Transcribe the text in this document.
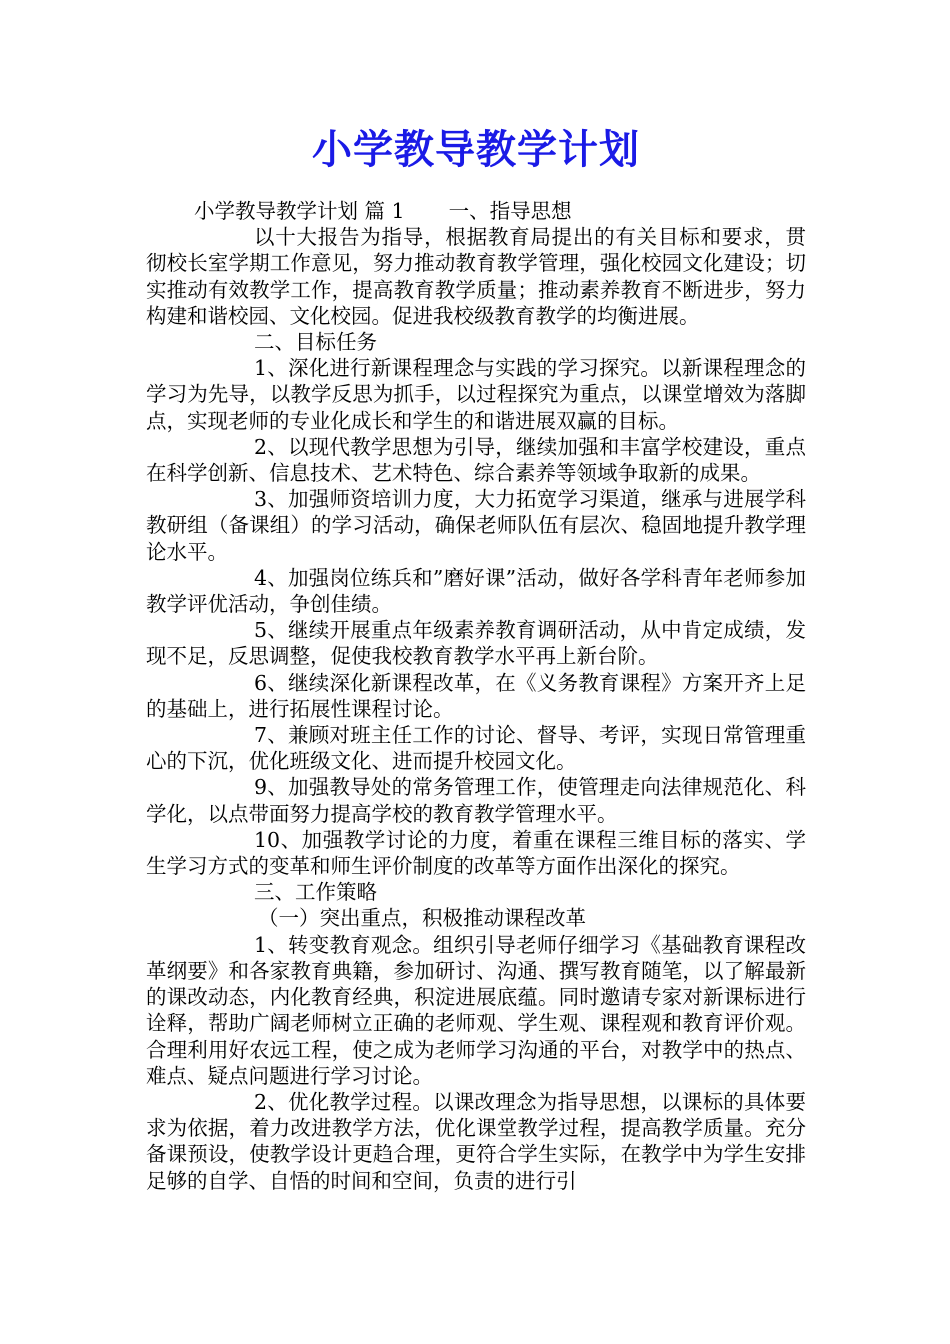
小学教导教学计划

小学教导教学计划 篇 1 一、指导思想

以十大报告为指导，根据教育局提出的有关目标和要求，贯彻校长室学期工作意见，努力推动教育教学管理，强化校园文化建设；切实推动有效教学工作，提高教育教学质量；推动素养教育不断进步，努力构建和谐校园、文化校园。促进我校级教育教学的均衡进展。

二、目标任务

1、深化进行新课程理念与实践的学习探究。以新课程理念的学习为先导，以教学反思为抓手，以过程探究为重点，以课堂增效为落脚点，实现老师的专业化成长和学生的和谐进展双赢的目标。

2、以现代教学思想为引导，继续加强和丰富学校建设，重点在科学创新、信息技术、艺术特色、综合素养等领域争取新的成果。

3、加强师资培训力度，大力拓宽学习渠道，继承与进展学科教研组（备课组）的学习活动，确保老师队伍有层次、稳固地提升教学理论水平。

4、加强岗位练兵和”磨好课”活动，做好各学科青年老师参加教学评优活动，争创佳绩。

5、继续开展重点年级素养教育调研活动，从中肯定成绩，发现不足，反思调整，促使我校教育教学水平再上新台阶。

6、继续深化新课程改革，在《义务教育课程》方案开齐上足的基础上，进行拓展性课程讨论。

7、兼顾对班主任工作的讨论、督导、考评，实现日常管理重心的下沉，优化班级文化、进而提升校园文化。

9、加强教导处的常务管理工作，使管理走向法律规范化、科学化，以点带面努力提高学校的教育教学管理水平。

10、加强教学讨论的力度，着重在课程三维目标的落实、学生学习方式的变革和师生评价制度的改革等方面作出深化的探究。

三、工作策略

（一）突出重点，积极推动课程改革

1、转变教育观念。组织引导老师仔细学习《基础教育课程改革纲要》和各家教育典籍，参加研讨、沟通、撰写教育随笔，以了解最新的课改动态，内化教育经典，积淀进展底蕴。同时邀请专家对新课标进行诠释，帮助广阔老师树立正确的老师观、学生观、课程观和教育评价观。合理利用好农远工程，使之成为老师学习沟通的平台，对教学中的热点、难点、疑点问题进行学习讨论。

2、优化教学过程。以课改理念为指导思想，以课标的具体要求为依据，着力改进教学方法，优化课堂教学过程，提高教学质量。充分备课预设，使教学设计更趋合理，更符合学生实际，在教学中为学生安排足够的自学、自悟的时间和空间，负责的进行引
